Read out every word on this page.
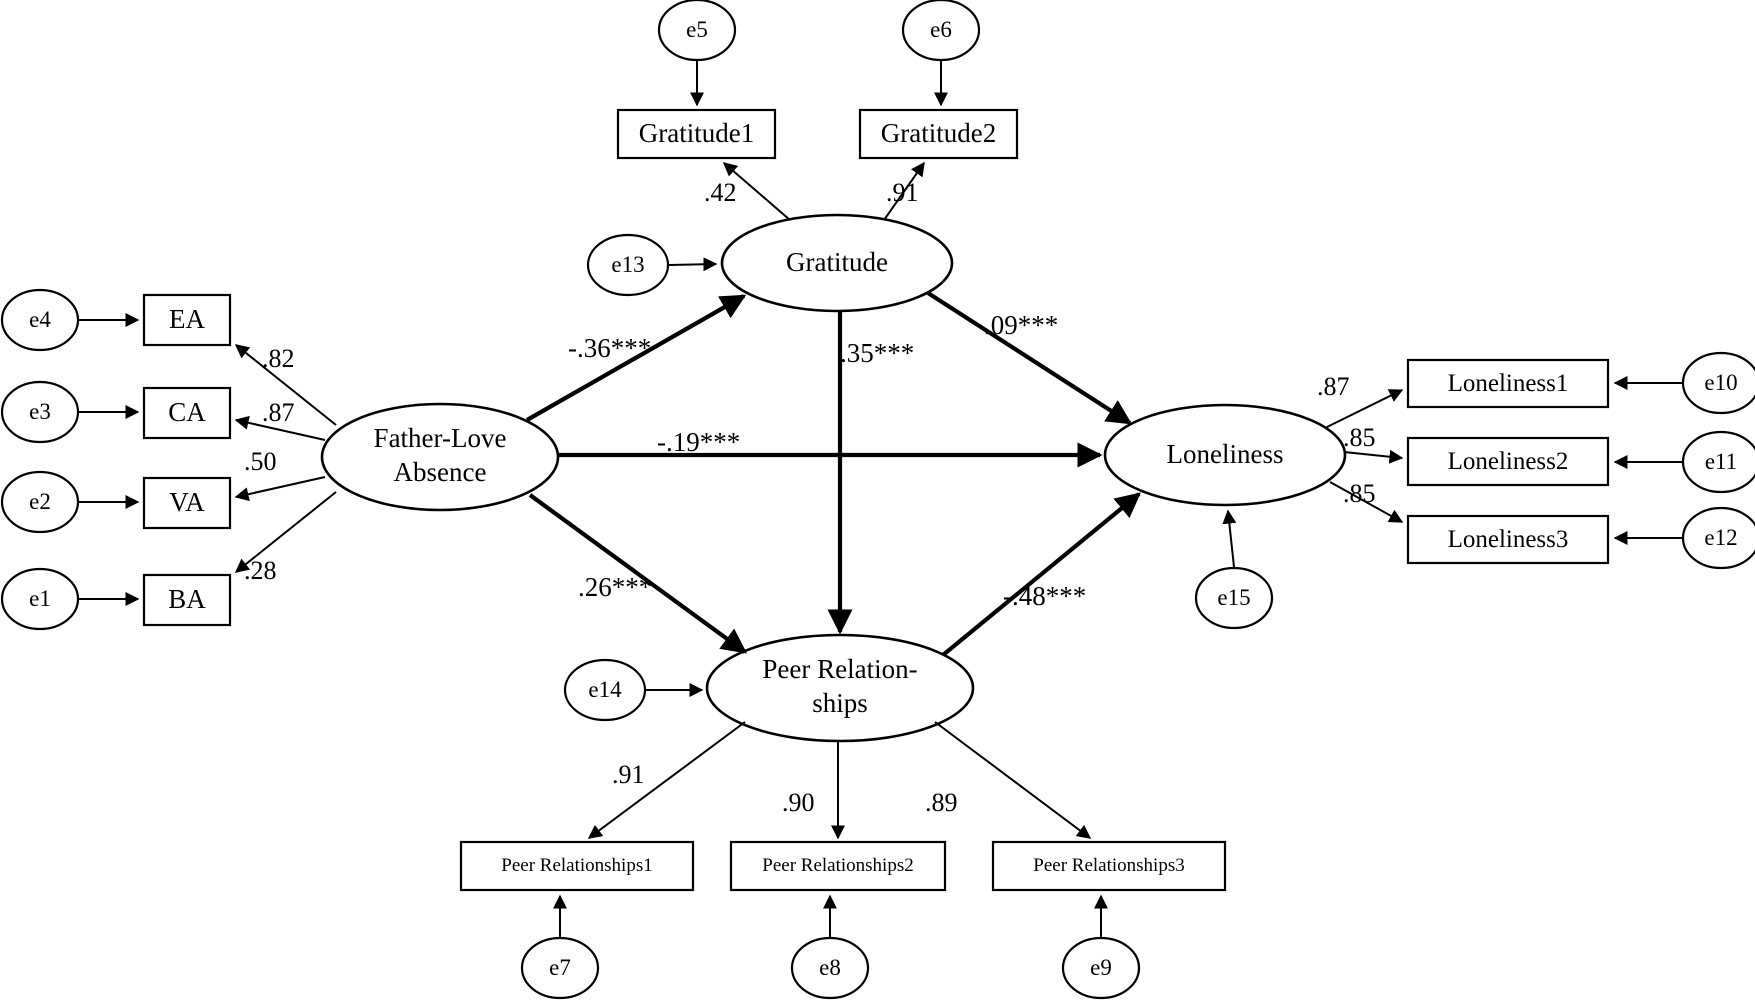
Gratitude
Father-Love
Absence
Loneliness
Peer Relation-
ships
Gratitude1	Gratitude2
EA
CA
VA
BA
Loneliness1
Loneliness2
Loneliness3
Peer Relationships1	Peer Relationships2	Peer Relationships3
e5	e6
e13
e4
e3
e2
e1
e10
e11
e12
e15
e14
e7	e8	e9
.42	.91
.82
.87
.50
.28
.87
.85
.85
.91
.90	.89
-.36***
.09***
.35***
-.19***
.26***	-.48***
